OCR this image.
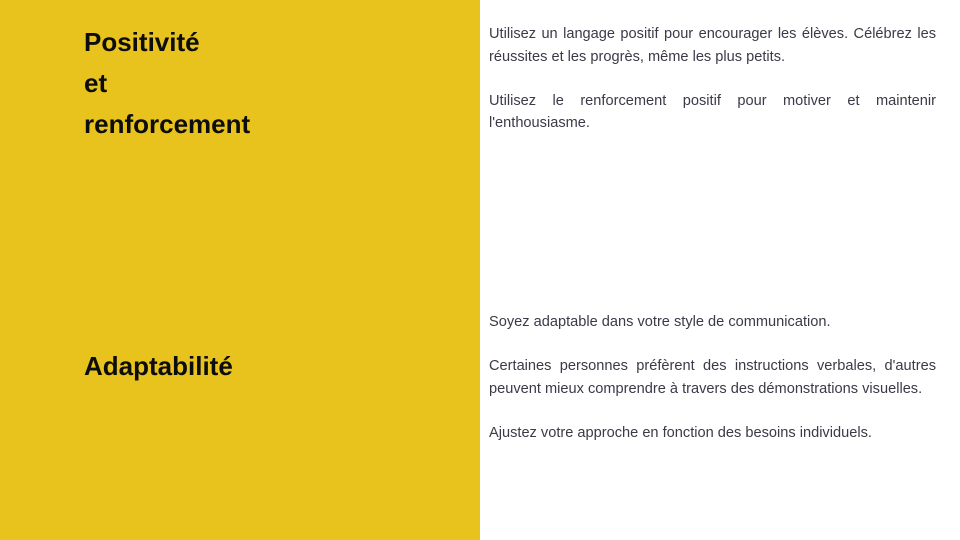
Positivité
et
renforcement
Adaptabilité

Utilisez un langage positif pour encourager les élèves. Célébrez les réussites et les progrès, même les plus petits.

Utilisez le renforcement positif pour motiver et maintenir l'enthousiasme.

Soyez adaptable dans votre style de communication.

Certaines personnes préfèrent des instructions verbales, d'autres peuvent mieux comprendre à travers des démonstrations visuelles.

Ajustez votre approche en fonction des besoins individuels.
